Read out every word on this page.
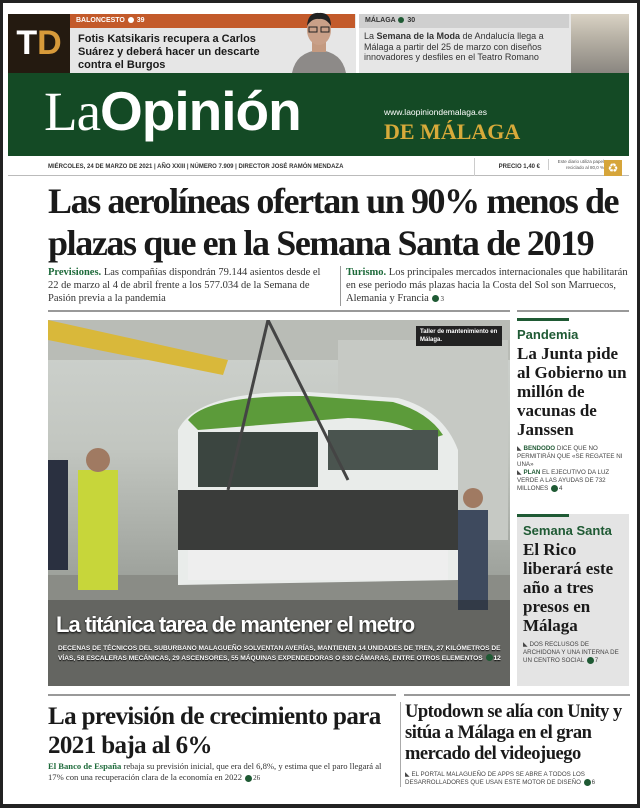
T D
BALONCESTO 39
Fotis Katsikaris recupera a Carlos Suárez y deberá hacer un descarte contra el Burgos
MÁLAGA 30
La Semana de la Moda de Andalucía llega a Málaga a partir del 25 de marzo con diseños innovadores y desfiles en el Teatro Romano
LaOpinión	www.laopiniondemalaga.es
DE MÁLAGA
MIÉRCOLES, 24 DE MARZO DE 2021 | AÑO XXIII | NÚMERO 7.909 | DIRECTOR JOSÉ RAMÓN MENDAZA	PRECIO 1,40 €
Este diario utiliza papel reciclado al 80,0 % ♻
Las aerolíneas ofertan un 90% menos de plazas que en la Semana Santa de 2019
Previsiones. Las compañías dispondrán 79.144 asientos desde el 22 de marzo al 4 de abril frente a los 577.034 de la Semana de Pasión previa a la pandemia
Turismo. Los principales mercados internacionales que habilitarán en ese periodo más plazas hacia la Costa del Sol son Marruecos, Alemania y Francia 3
Taller de mantenimiento en Málaga.
La titánica tarea de mantener el metro
DECENAS DE TÉCNICOS DEL SUBURBANO MALAGUEÑO SOLVENTAN AVERÍAS, MANTIENEN 14 UNIDADES DE TREN, 27 KILÓMETROS DE VÍAS, 58 ESCALERAS MECÁNICAS, 29 ASCENSORES, 55 MÁQUINAS EXPENDEDORAS O 630 CÁMARAS, ENTRE OTROS ELEMENTOS 12
Pandemia
La Junta pide al Gobierno un millón de vacunas de Janssen
◣ BENDODO DICE QUE NO PERMITIRÁN QUE «SE REGATEE NI UNA»
◣ PLAN EL EJECUTIVO DA LUZ VERDE A LAS AYUDAS DE 732 MILLONES 4
Semana Santa
El Rico liberará este año a tres presos en Málaga
◣ DOS RECLUSOS DE ARCHIDONA Y UNA INTERNA DE UN CENTRO SOCIAL 7
La previsión de crecimiento para 2021 baja al 6%
El Banco de España rebaja su previsión inicial, que era del 6,8%, y estima que el paro llegará al 17% con una recuperación clara de la economía en 2022 26
Uptodown se alía con Unity y sitúa a Málaga en el gran mercado del videojuego
◣ EL PORTAL MALAGUEÑO DE APPS SE ABRE A TODOS LOS DESARROLLADORES QUE USAN ESTE MOTOR DE DISEÑO 6
